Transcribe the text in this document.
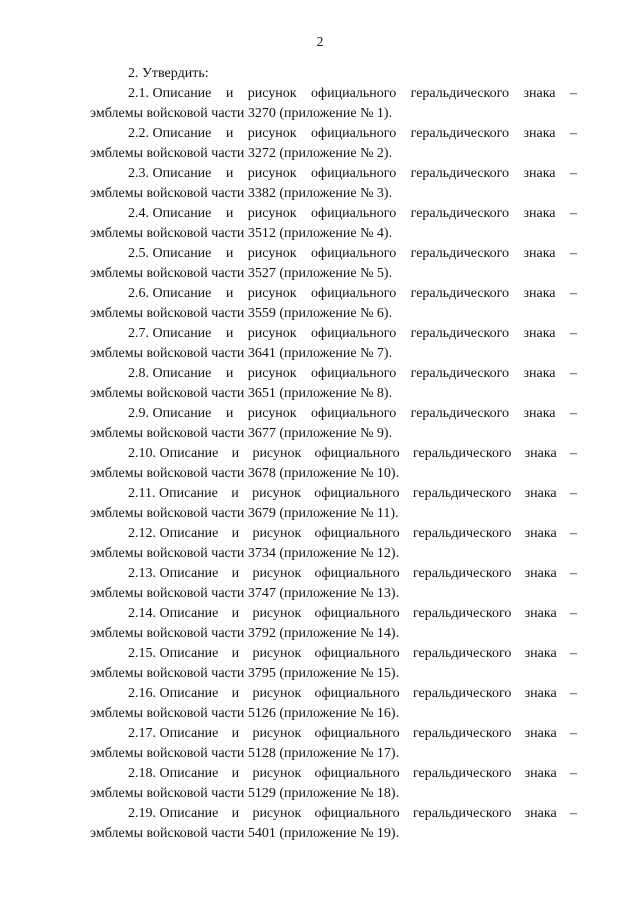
2
2. Утвердить:
2.1. Описание и рисунок официального геральдического знака –
эмблемы войсковой части 3270 (приложение № 1).
2.2. Описание и рисунок официального геральдического знака –
эмблемы войсковой части 3272 (приложение № 2).
2.3. Описание и рисунок официального геральдического знака –
эмблемы войсковой части 3382 (приложение № 3).
2.4. Описание и рисунок официального геральдического знака –
эмблемы войсковой части 3512 (приложение № 4).
2.5. Описание и рисунок официального геральдического знака –
эмблемы войсковой части 3527 (приложение № 5).
2.6. Описание и рисунок официального геральдического знака –
эмблемы войсковой части 3559 (приложение № 6).
2.7. Описание и рисунок официального геральдического знака –
эмблемы войсковой части 3641 (приложение № 7).
2.8. Описание и рисунок официального геральдического знака –
эмблемы войсковой части 3651 (приложение № 8).
2.9. Описание и рисунок официального геральдического знака –
эмблемы войсковой части 3677 (приложение № 9).
2.10. Описание и рисунок официального геральдического знака –
эмблемы войсковой части 3678 (приложение № 10).
2.11. Описание и рисунок официального геральдического знака –
эмблемы войсковой части 3679 (приложение № 11).
2.12. Описание и рисунок официального геральдического знака –
эмблемы войсковой части 3734 (приложение № 12).
2.13. Описание и рисунок официального геральдического знака –
эмблемы войсковой части 3747 (приложение № 13).
2.14. Описание и рисунок официального геральдического знака –
эмблемы войсковой части 3792 (приложение № 14).
2.15. Описание и рисунок официального геральдического знака –
эмблемы войсковой части 3795 (приложение № 15).
2.16. Описание и рисунок официального геральдического знака –
эмблемы войсковой части 5126 (приложение № 16).
2.17. Описание и рисунок официального геральдического знака –
эмблемы войсковой части 5128 (приложение № 17).
2.18. Описание и рисунок официального геральдического знака –
эмблемы войсковой части 5129 (приложение № 18).
2.19. Описание и рисунок официального геральдического знака –
эмблемы войсковой части 5401 (приложение № 19).
